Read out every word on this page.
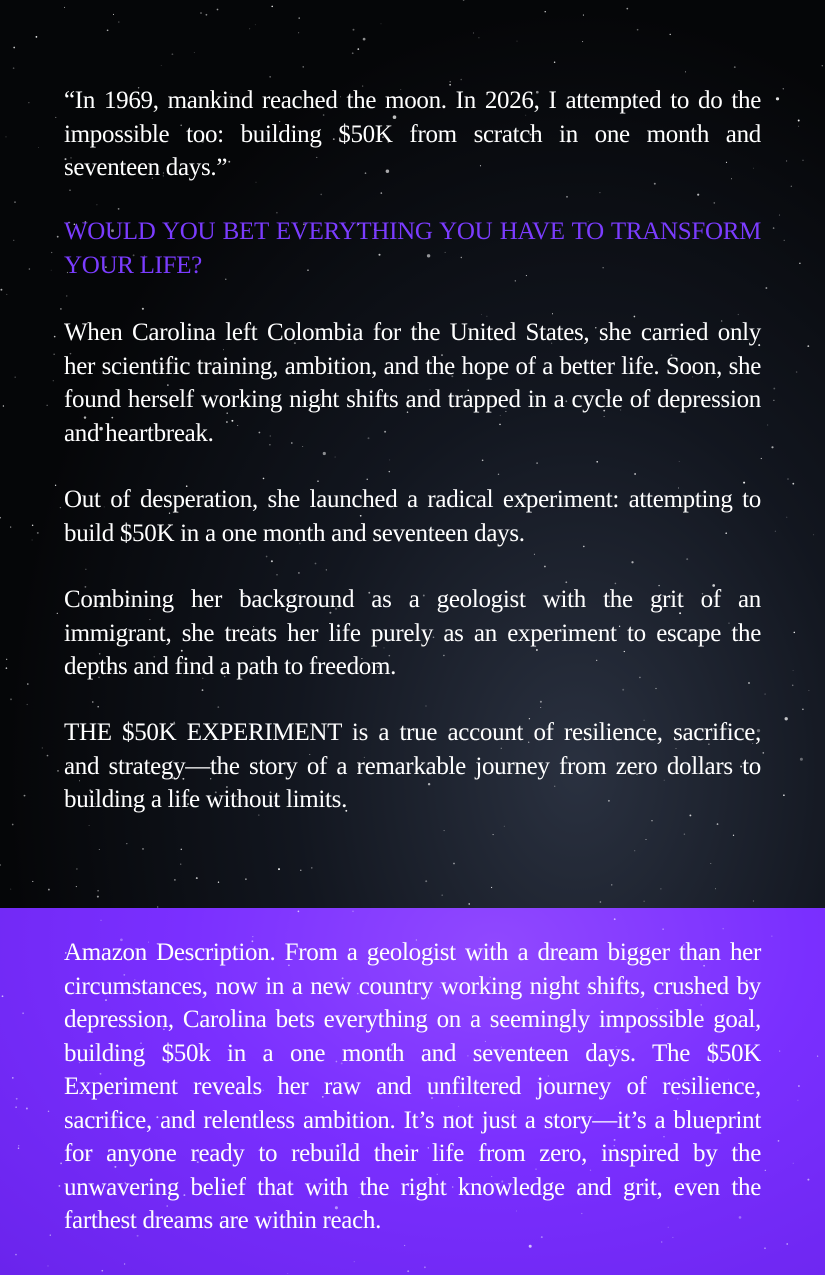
“In 1969, mankind reached the moon. In 2026, I attempted to do the impossible too: building $50K from scratch in one month and seventeen days.”
WOULD YOU BET EVERYTHING YOU HAVE TO TRANSFORM YOUR LIFE?
When Carolina left Colombia for the United States, she carried only her scientific training, ambition, and the hope of a better life. Soon, she found herself working night shifts and trapped in a cycle of depression and heartbreak.
Out of desperation, she launched a radical experiment: attempting to build $50K in a one month and seventeen days.
Combining her background as a geologist with the grit of an immigrant, she treats her life purely as an experiment to escape the depths and find a path to freedom.
THE $50K EXPERIMENT is a true account of resilience, sacrifice, and strategy—the story of a remarkable journey from zero dollars to building a life without limits.
Amazon Description. From a geologist with a dream bigger than her circumstances, now in a new country working night shifts, crushed by depression, Carolina bets everything on a seemingly impossible goal, building $50k in a one month and seventeen days. The $50K Experiment reveals her raw and unfiltered journey of resilience, sacrifice, and relentless ambition. It’s not just a story—it’s a blueprint for anyone ready to rebuild their life from zero, inspired by the unwavering belief that with the right knowledge and grit, even the farthest dreams are within reach.
